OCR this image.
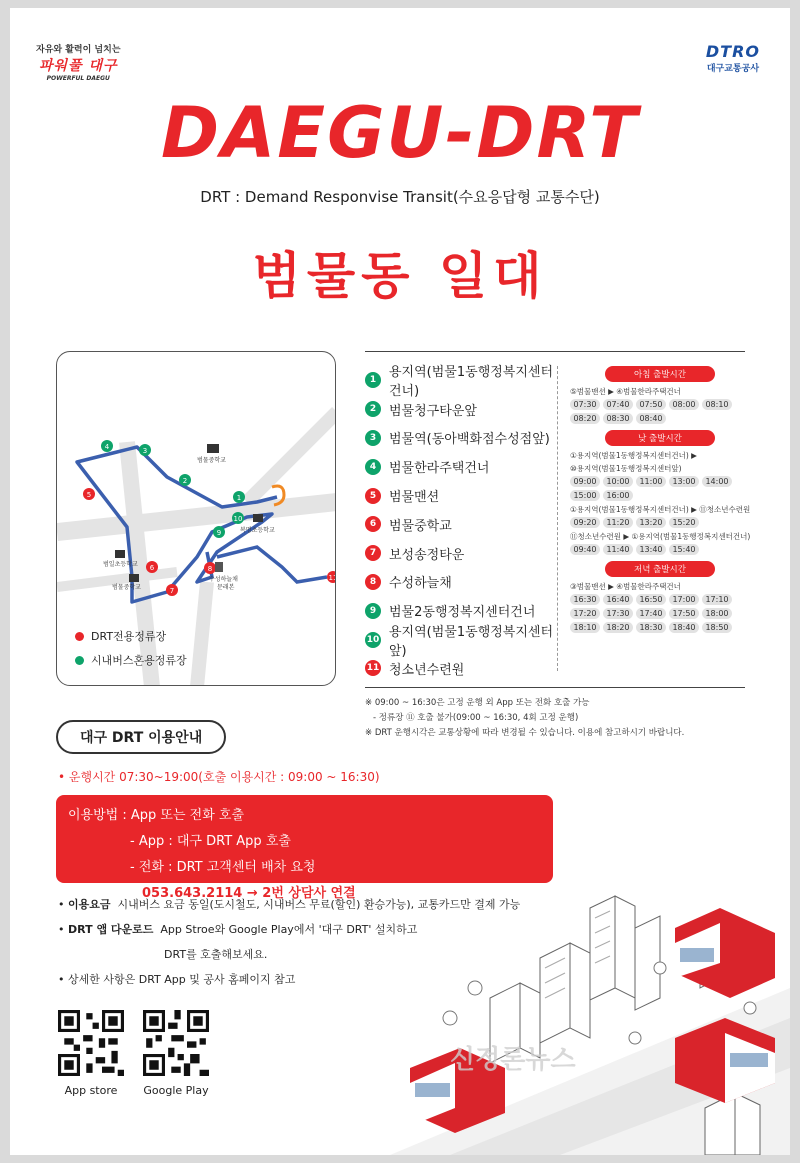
자유와 활력이 넘치는
파워풀 대구
POWERFUL DAEGU
DTRO
대구교통공사
DAEGU-DRT
DRT : Demand Responvise Transit(수요응답형 교통수단)
범물동 일대
1
2
3
4
5
6
7
8
9
10
11
범물중학교
복명초등학교
범일초등학교
범물중학교
수성하늘채
문래본
DRT전용정류장
시내버스혼용정류장
1 용지역(범물1동행정복지센터건너)
2 범물청구타운앞
3 범물역(동아백화점수성점앞)
4 범물한라주택건너
5 범물맨션
6 범물중학교
7 보성송정타운
8 수성하늘채
9 범물2동행정복지센터건너
10 용지역(범물1동행정복지센터앞)
11 청소년수련원
아침 출발시간
⑤범물맨션 ▶ ④범물한라주택건너
07:30	07:40	07:50	08:00	08:10
08:20	08:30	08:40
낮 출발시간
①용지역(범물1동행정복지센터건너) ▶
⑩용지역(범물1동행정복지센터앞)
09:00	10:00	11:00	13:00	14:00
15:00	16:00
①용지역(범물1동행정복지센터건너) ▶ ⑪청소년수련원
09:20	11:20	13:20	15:20
⑪청소년수련원 ▶ ①용지역(범물1동행정복지센터건너)
09:40	11:40	13:40	15:40
저녁 출발시간
③범물맨션 ▶ ④범물한라주택건너
16:30	16:40	16:50	17:00	17:10
17:20	17:30	17:40	17:50	18:00
18:10	18:20	18:30	18:40	18:50
※ 09:00 ~ 16:30은 고정 운행 외 App 또는 전화 호출 가능
- 정류장 ⑪ 호출 불가(09:00 ~ 16:30, 4회 고정 운행)
※ DRT 운행시각은 교통상황에 따라 변경될 수 있습니다. 이용에 참고하시기 바랍니다.
대구 DRT 이용안내
• 운행시간 07:30~19:00(호출 이용시간 : 09:00 ~ 16:30)
이용방법 : App 또는 전화 호출
- App : 대구 DRT App 호출
- 전화 : DRT 고객센터 배차 요청053.643.2114 → 2번 상담사 연결
• 이용요금 시내버스 요금 동일(도시철도, 시내버스 무료(할인) 환승가능), 교통카드만 결제 가능
• DRT 앱 다운로드 App Stroe와 Google Play에서 '대구 DRT' 설치하고
DRT를 호출해보세요.
• 상세한 사항은 DRT App 및 공사 홈페이지 참고
App store	Google Play
신정론뉴스
